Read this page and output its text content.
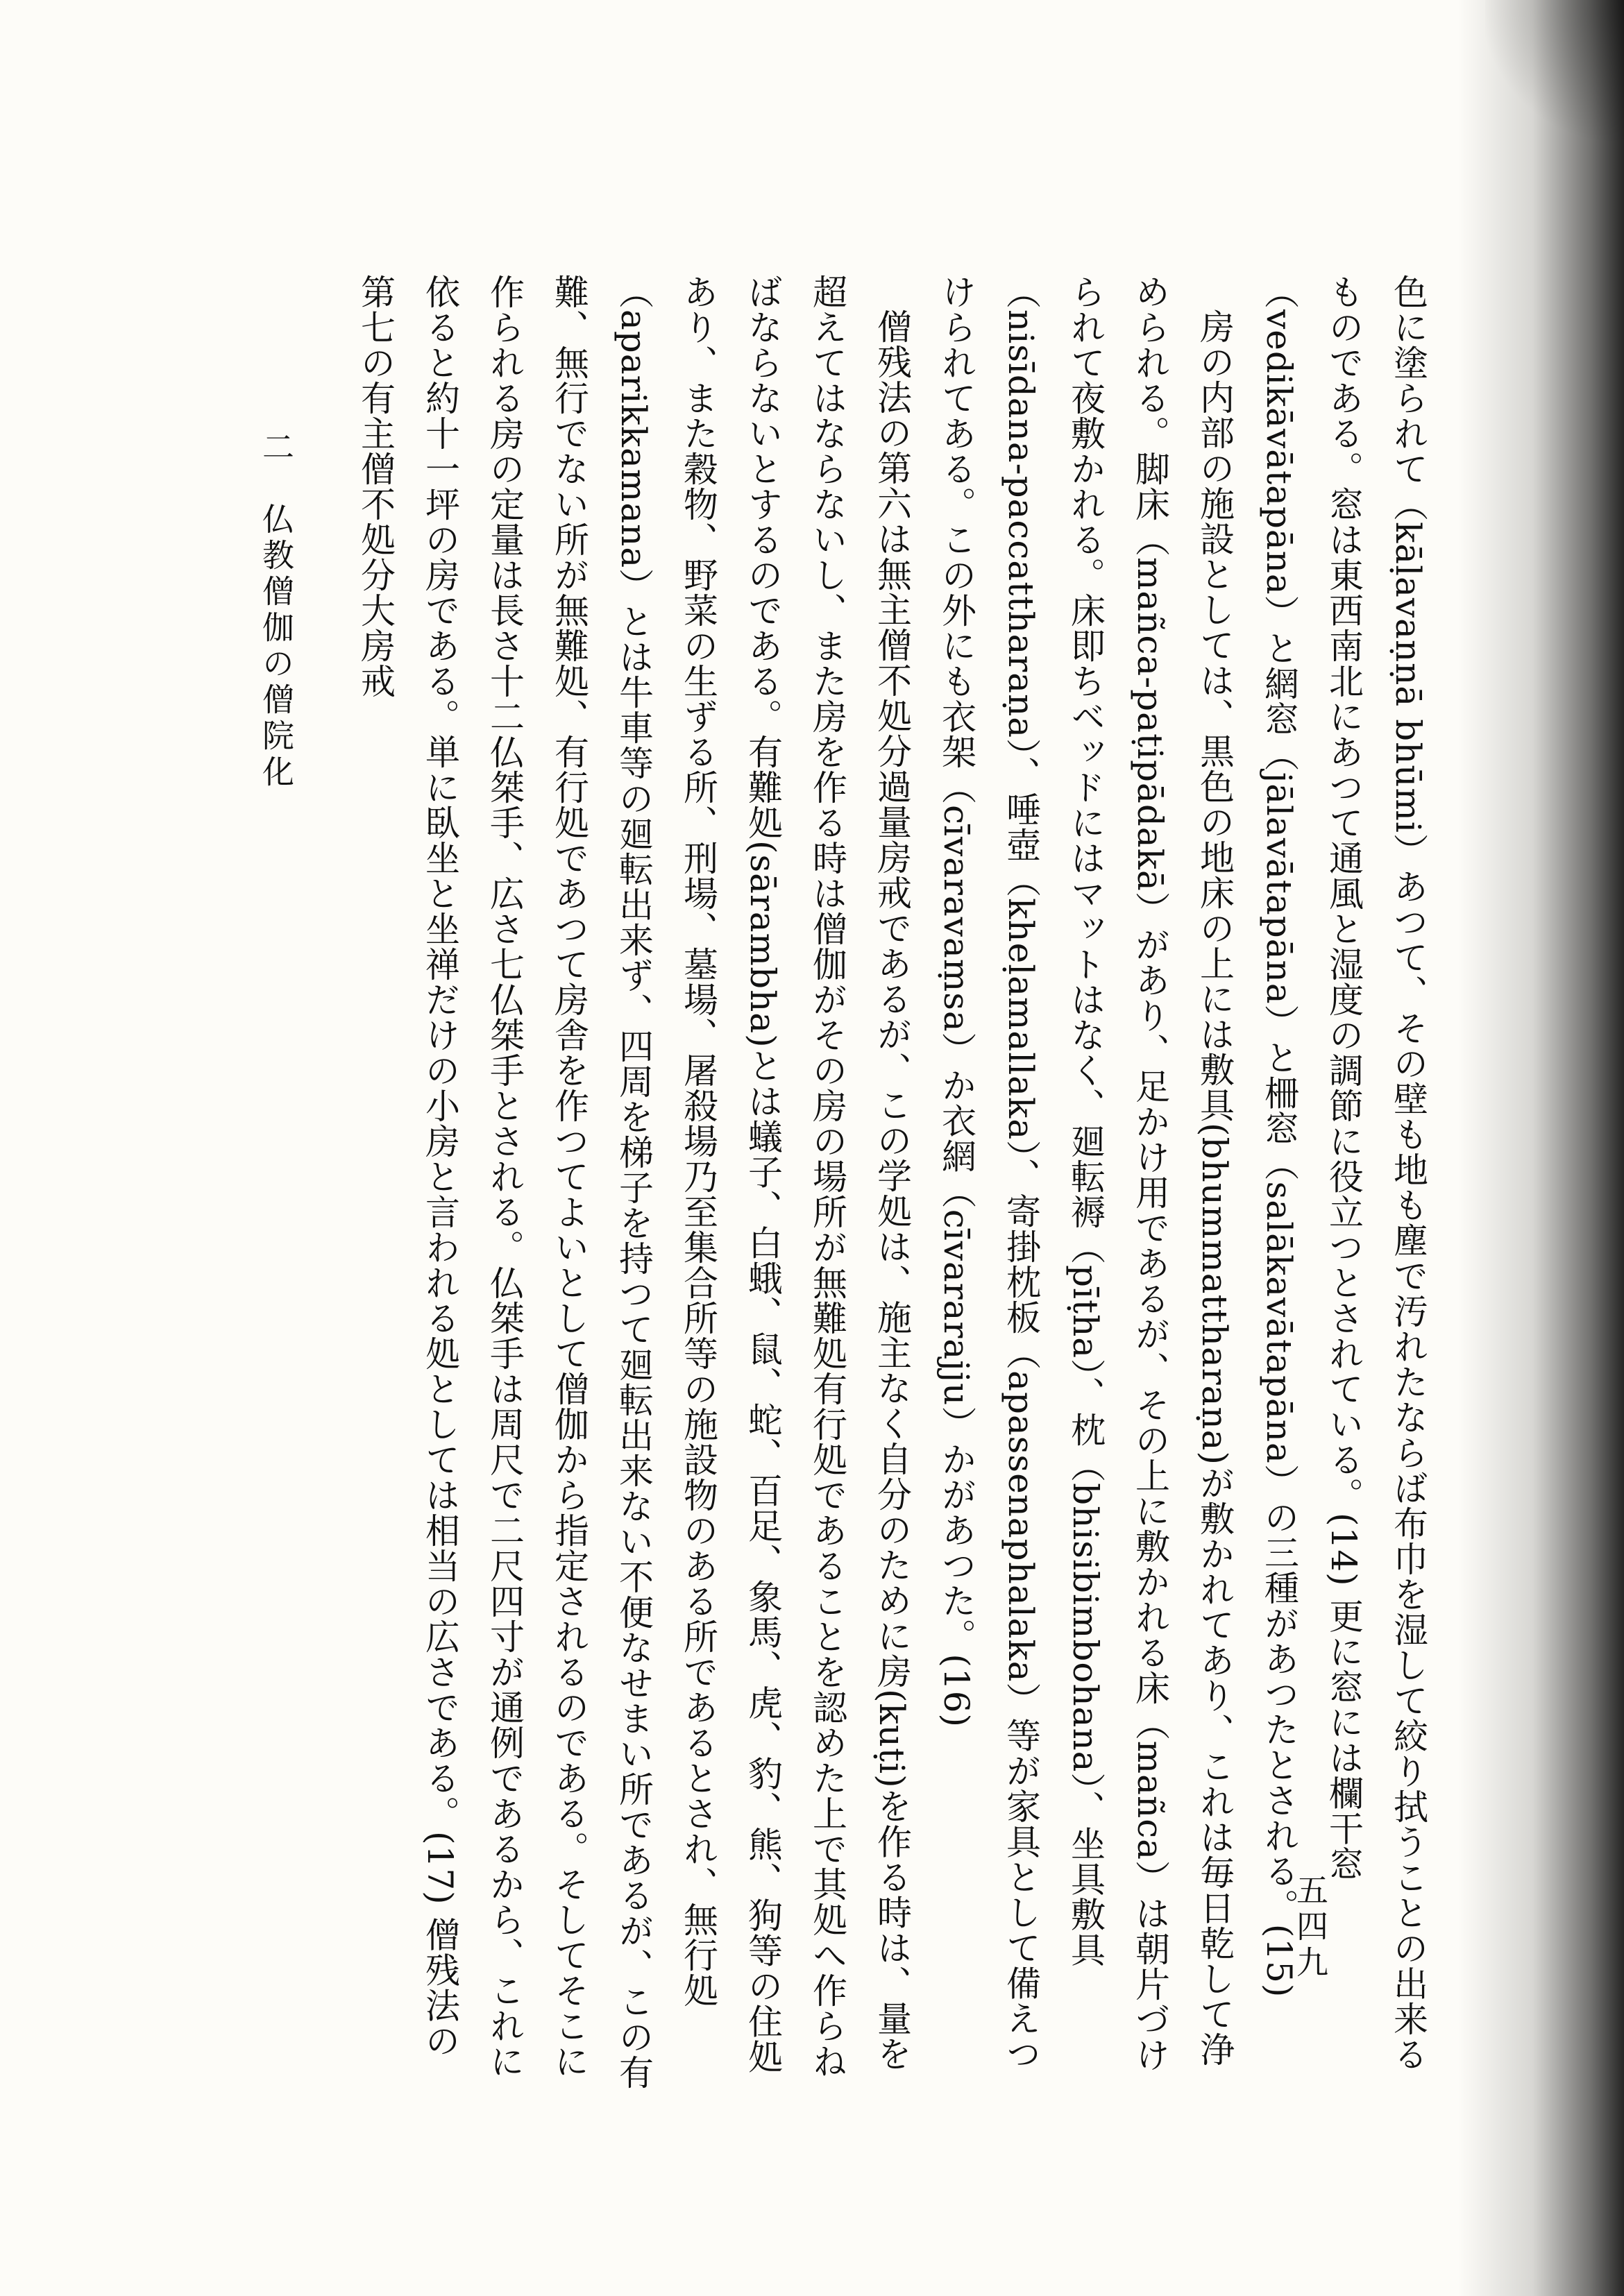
色に塗られて（kāḷavaṇṇā bhūmi）あつて、その壁も地も塵で汚れたならば布巾を湿して絞り拭うことの出来るものである。窓は東西南北にあつて通風と湿度の調節に役立つとされている。(14) 更に窓には欄干窓（vedikāvātapāna）と網窓（jālavātapāna）と柵窓（salākavātapāna）の三種があつたとされる。(15)

房の内部の施設としては、黒色の地床の上には敷具(bhummattharaṇa)が敷かれてあり、これは毎日乾して浄められる。脚床（mañca-paṭipādakā）があり、足かけ用であるが、その上に敷かれる床（mañca）は朝片づけられて夜敷かれる。床即ちベッドにはマットはなく、廻転褥（pīṭha）、枕（bhisibimbohana）、坐具敷具（nisīdana-paccattharaṇa）、唾壺（kheḷamallaka）、寄掛枕板（apassenaphalaka）等が家具として備えつけられてある。この外にも衣架（cīvaravaṃsa）か衣網（cīvararajju）かがあつた。(16)

僧残法の第六は無主僧不処分過量房戒であるが、この学処は、施主なく自分のために房(kuṭi)を作る時は、量を超えてはならないし、また房を作る時は僧伽がその房の場所が無難処有行処であることを認めた上で其処へ作らねばならないとするのである。有難処(sārambha)とは蟻子、白蛾、鼠、蛇、百足、象馬、虎、豹、熊、狗等の住処あり、また穀物、野菜の生ずる所、刑場、墓場、屠殺場乃至集合所等の施設物のある所であるとされ、無行処（aparikkamana）とは牛車等の廻転出来ず、四周を梯子を持つて廻転出来ない不便なせまい所であるが、この有難、無行でない所が無難処、有行処であつて房舎を作つてよいとして僧伽から指定されるのである。そしてそこに作られる房の定量は長さ十二仏桀手、広さ七仏桀手とされる。仏桀手は周尺で二尺四寸が通例であるから、これに依ると約十一坪の房である。単に臥坐と坐禅だけの小房と言われる処としては相当の広さである。(17) 僧残法の第七の有主僧不処分大房戒

二　仏教僧伽の僧院化
五四九
